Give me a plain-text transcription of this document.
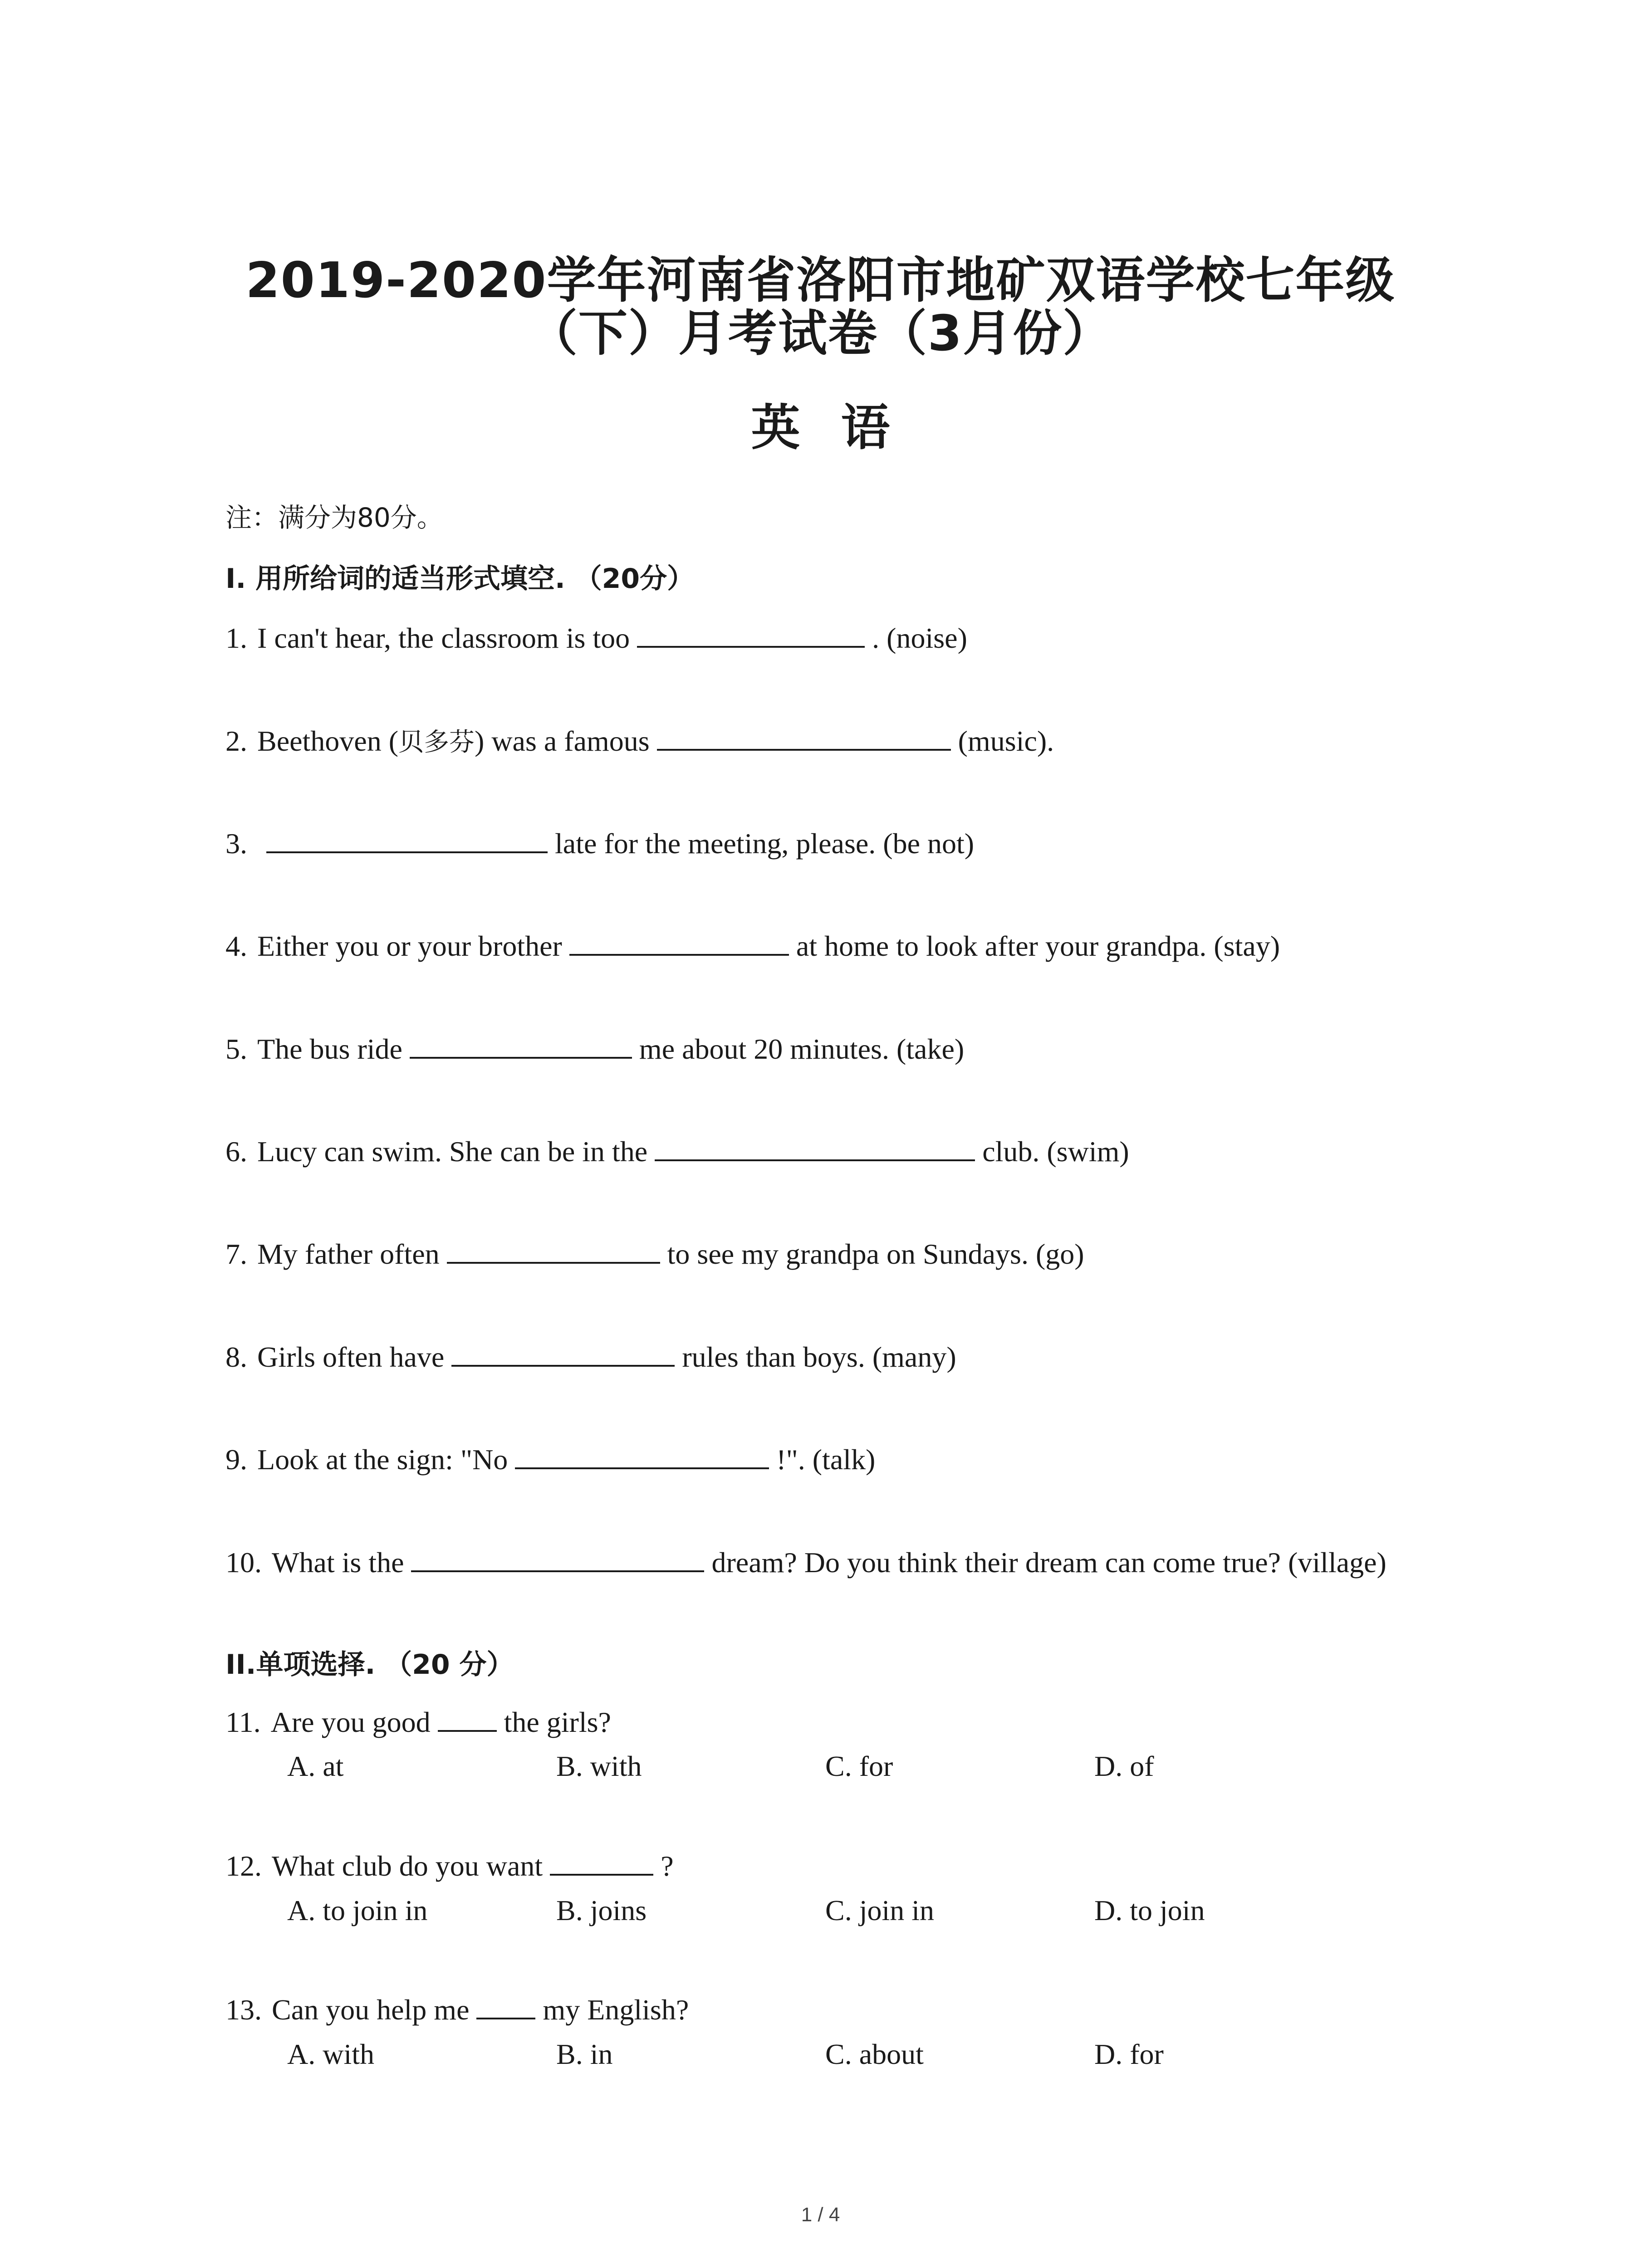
2019-2020学年河南省洛阳市地矿双语学校七年级
（下）月考试卷（3月份）
英语
注：满分为80分。
I. 用所给词的适当形式填空. （20分）
1. I can't hear, the classroom is too	. (noise)
2. Beethoven (贝多芬) was a famous	(music).
3.	late for the meeting, please. (be not)
4. Either you or your brother	at home to look after your grandpa. (stay)
5. The bus ride	me about 20 minutes. (take)
6. Lucy can swim. She can be in the	club. (swim)
7. My father often	to see my grandpa on Sundays. (go)
8. Girls often have	rules than boys. (many)
9. Look at the sign: "No	!". (talk)
10. What is the	dream? Do you think their dream can come true? (village)
II.单项选择. （20 分）
11. Are you good	the girls?
A. at	B. with	C. for	D. of
12. What club do you want	?
A. to join in	B. joins	C. join in	D. to join
13. Can you help me	my English?
A. with	B. in	C. about	D. for
1 / 4
